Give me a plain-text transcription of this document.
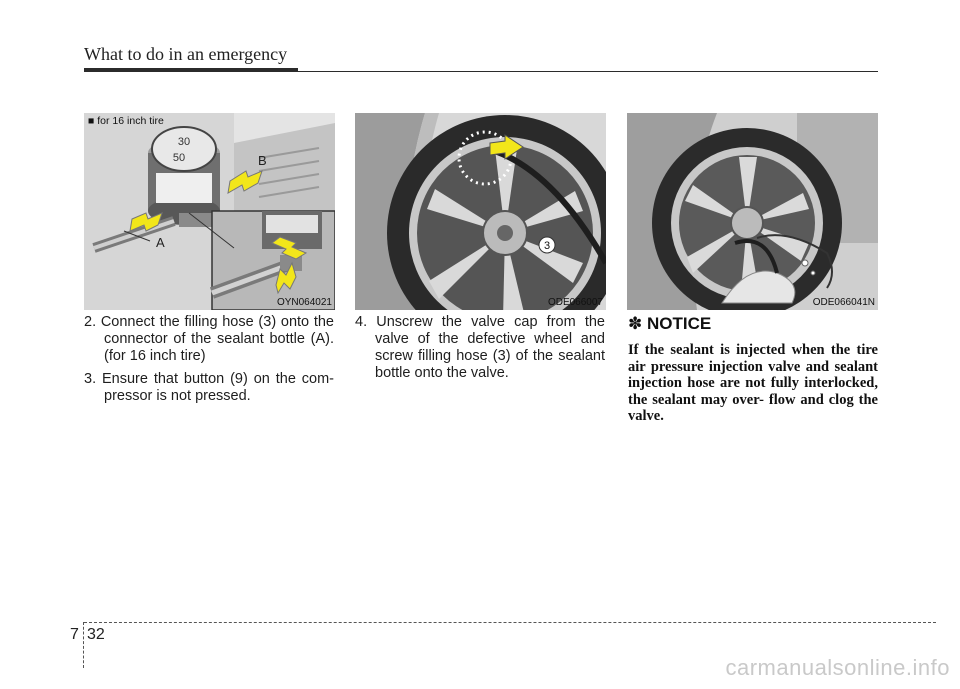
What to do in an emergency
30
50	B
A
■ for 16 inch tire
OYN064021
3
ODE066007	ODE066041N

2. Connect the filling hose (3) onto the connector of the sealant bottle (A). (for 16 inch tire)

3. Ensure that button (9) on the com- pressor is not pressed.

4. Unscrew the valve cap from the valve of the defective wheel and screw filling hose (3) of the sealant bottle onto the valve.

✽ NOTICE
If the sealant is injected when the tire air pressure injection valve and sealant injection hose are not fully interlocked, the sealant may over- flow and clog the valve.
7 32
carmanualsonline.info
